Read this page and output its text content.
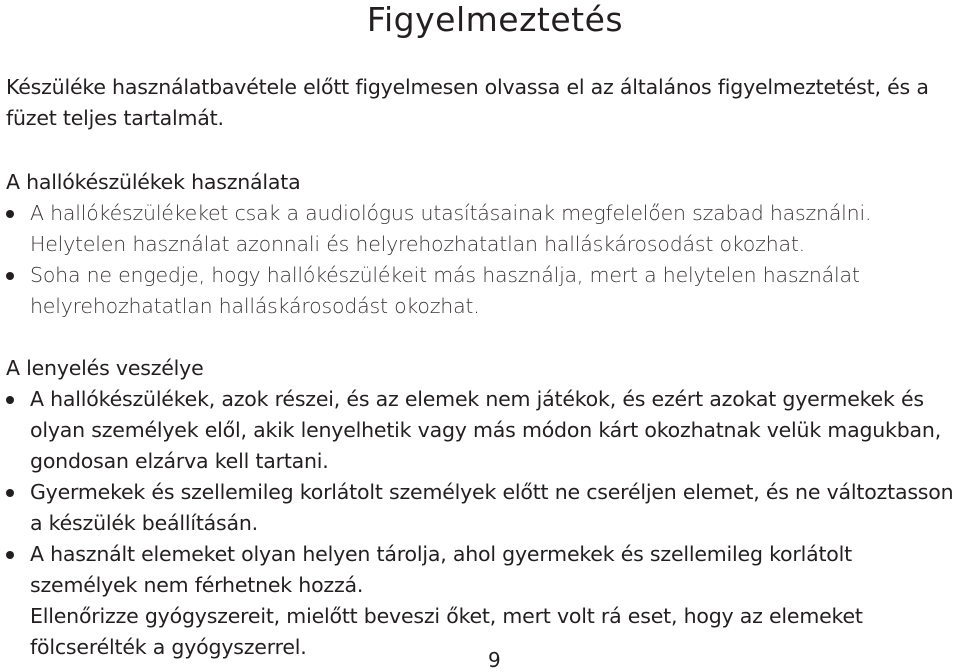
Figyelmeztetés

Készüléke használatbavétele előtt figyelmesen olvassa el az általános figyelmeztetést, és a füzet teljes tartalmát.

A hallókészülékek használata
A hallókészülékeket csak a audiológus utasításainak megfelelően szabad használni. Helytelen használat azonnali és helyrehozhatatlan halláskárosodást okozhat.
Soha ne engedje, hogy hallókészülékeit más használja, mert a helytelen használat helyrehozhatatlan halláskárosodást okozhat.
A lenyelés veszélye
A hallókészülékek, azok részei, és az elemek nem játékok, és ezért azokat gyermekek és olyan személyek elől, akik lenyelhetik vagy más módon kárt okozhatnak velük magukban, gondosan elzárva kell tartani.
Gyermekek és szellemileg korlátolt személyek előtt ne cseréljen elemet, és ne változtasson a készülék beállításán.
A használt elemeket olyan helyen tárolja, ahol gyermekek és szellemileg korlátolt személyek nem férhetnek hozzá.

Ellenőrizze gyógyszereit, mielőtt beveszi őket, mert volt rá eset, hogy az elemeket fölcserélték a gyógyszerrel.

9
